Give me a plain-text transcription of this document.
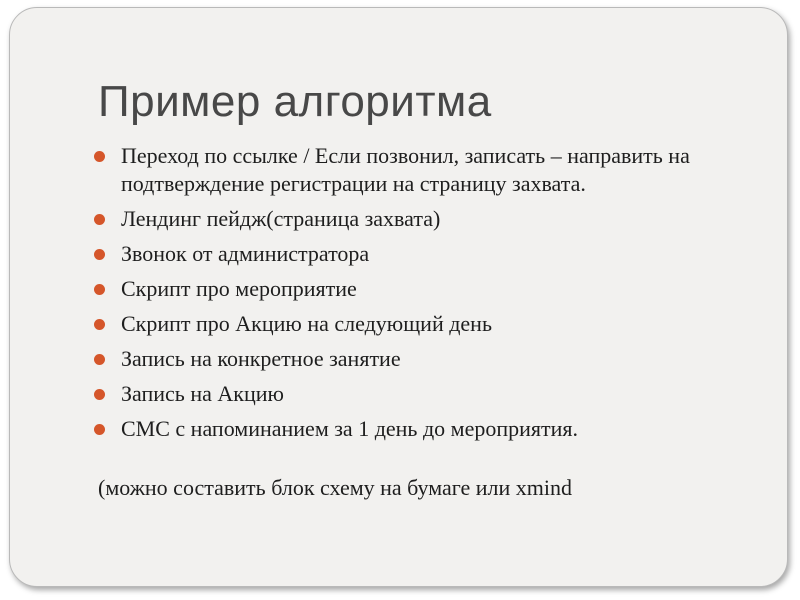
Пример алгоритма
Переход по ссылке / Если позвонил, записать – направить на подтверждение регистрации на страницу захвата.
Лендинг пейдж(страница захвата)
Звонок от администратора
Скрипт про мероприятие
Скрипт про Акцию на следующий день
Запись на конкретное занятие
Запись на Акцию
СМС с напоминанием за 1 день до мероприятия.

(можно составить блок схему на бумаге или xmind
